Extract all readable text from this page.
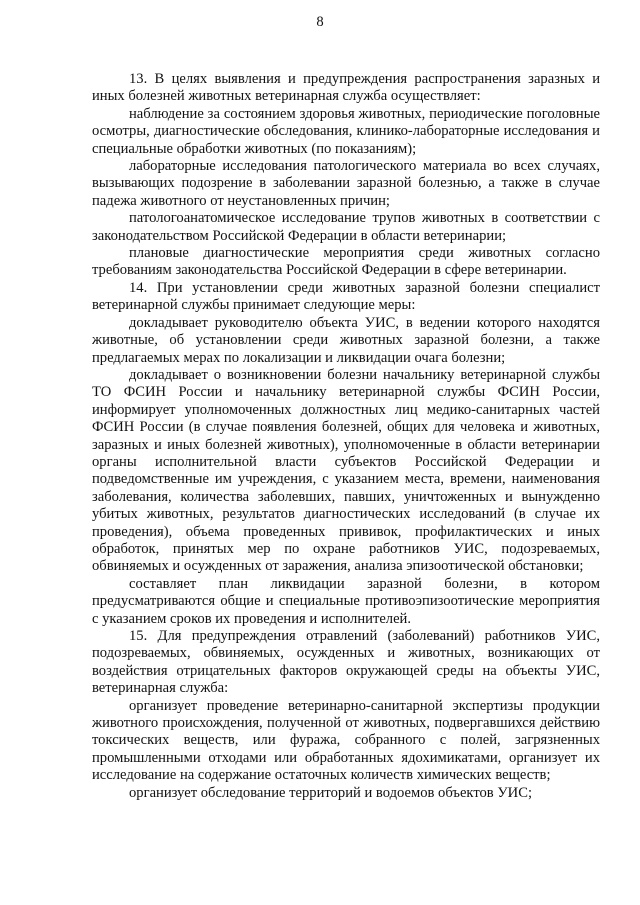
8

13. В целях выявления и предупреждения распространения заразных и иных болезней животных ветеринарная служба осуществляет:

наблюдение за состоянием здоровья животных, периодические поголовные осмотры, диагностические обследования, клинико-лабораторные исследования и специальные обработки животных (по показаниям);

лабораторные исследования патологического материала во всех случаях, вызывающих подозрение в заболевании заразной болезнью, а также в случае падежа животного от неустановленных причин;

патологоанатомическое исследование трупов животных в соответствии с законодательством Российской Федерации в области ветеринарии;

плановые диагностические мероприятия среди животных согласно требованиям законодательства Российской Федерации в сфере ветеринарии.

14. При установлении среди животных заразной болезни специалист ветеринарной службы принимает следующие меры:

докладывает руководителю объекта УИС, в ведении которого находятся животные, об установлении среди животных заразной болезни, а также предлагаемых мерах по локализации и ликвидации очага болезни;

докладывает о возникновении болезни начальнику ветеринарной службы ТО ФСИН России и начальнику ветеринарной службы ФСИН России, информирует уполномоченных должностных лиц медико-санитарных частей ФСИН России (в случае появления болезней, общих для человека и животных, заразных и иных болезней животных), уполномоченные в области ветеринарии органы исполнительной власти субъектов Российской Федерации и подведомственные им учреждения, с указанием места, времени, наименования заболевания, количества заболевших, павших, уничтоженных и вынужденно убитых животных, результатов диагностических исследований (в случае их проведения), объема проведенных прививок, профилактических и иных обработок, принятых мер по охране работников УИС, подозреваемых, обвиняемых и осужденных от заражения, анализа эпизоотической обстановки;

составляет план ликвидации заразной болезни, в котором предусматриваются общие и специальные противоэпизоотические мероприятия с указанием сроков их проведения и исполнителей.

15. Для предупреждения отравлений (заболеваний) работников УИС, подозреваемых, обвиняемых, осужденных и животных, возникающих от воздействия отрицательных факторов окружающей среды на объекты УИС, ветеринарная служба:

организует проведение ветеринарно-санитарной экспертизы продукции животного происхождения, полученной от животных, подвергавшихся действию токсических веществ, или фуража, собранного с полей, загрязненных промышленными отходами или обработанных ядохимикатами, организует их исследование на содержание остаточных количеств химических веществ;

организует обследование территорий и водоемов объектов УИС;
